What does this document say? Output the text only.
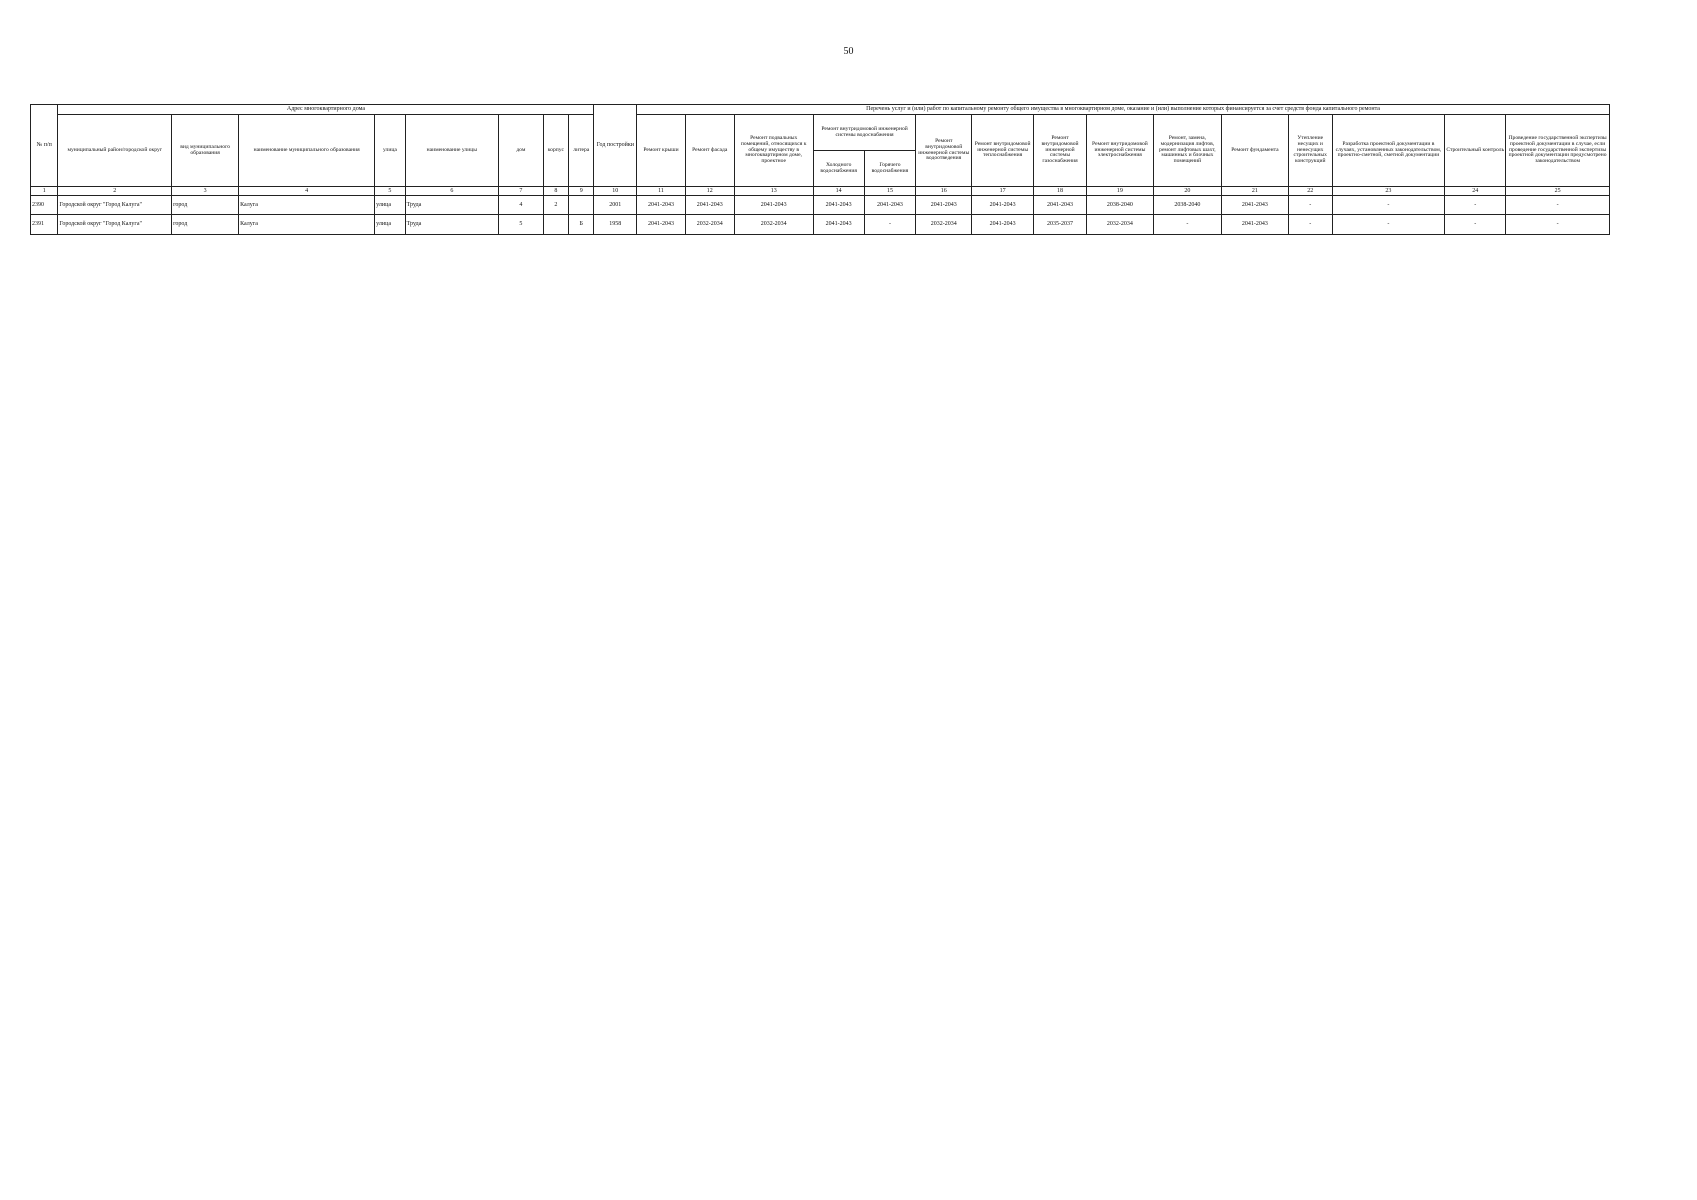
50
№ п/п	Адрес многоквартирного дома								Год постройки	Перечень услуг и (или) работ по капитальному ремонту общего имущества в многоквартирном доме, оказание и (или) выполнение которых финансируется за счет средств фонда капитального ремонта														
	муниципальный район/городской округ	вид муниципального образования	наименование муниципального образования	улица	наименование улицы	дом	корпус	литера		Ремонт крыши	Ремонт фасада	Ремонт подвальных помещений, относящихся к общему имуществу в многоквартирном доме, проектное	Ремонт внутридомовой инженерной системы водоснабжения		Ремонт внутридомовой инженерной системы водоотведения	Ремонт внутридомовой инженерной системы теплоснабжения	Ремонт внутридомовой инженерной системы газоснабжения	Ремонт внутридомовой инженерной системы электроснабжения	Ремонт, замена, модернизация лифтов, ремонт лифтовых шахт, машинных и блочных помещений	Ремонт фундамента	Утепление несущих и ненесущих строительных конструкций	Разработка проектной документации в случаях, установленных законодательством, проектно-сметной, сметной документации	Строительный контроль	Проведение государственной экспертизы проектной документации в случае, если проведение государственной экспертизы проектной документации предусмотрено законодательством
													Холодного водоснабжения	Горячего водоснабжения										

1	2	3	4	5	6	7	8	9	10	11	12	13	14	15	16	17	18	19	20	21	22	23	24	25
2390	Городской округ "Город Калуга"	город	Калуга	улица	Труда	4	2		2001	2041-2043	2041-2043	2041-2043	2041-2043	2041-2043	2041-2043	2041-2043	2041-2043	2038-2040	2038-2040	2041-2043	-	-	-	-
2391	Городской округ "Город Калуга"	город	Калуга	улица	Труда	5		Б	1958	2041-2043	2032-2034	2032-2034	2041-2043	-	2032-2034	2041-2043	2035-2037	2032-2034	-	2041-2043	-	-	-	-
